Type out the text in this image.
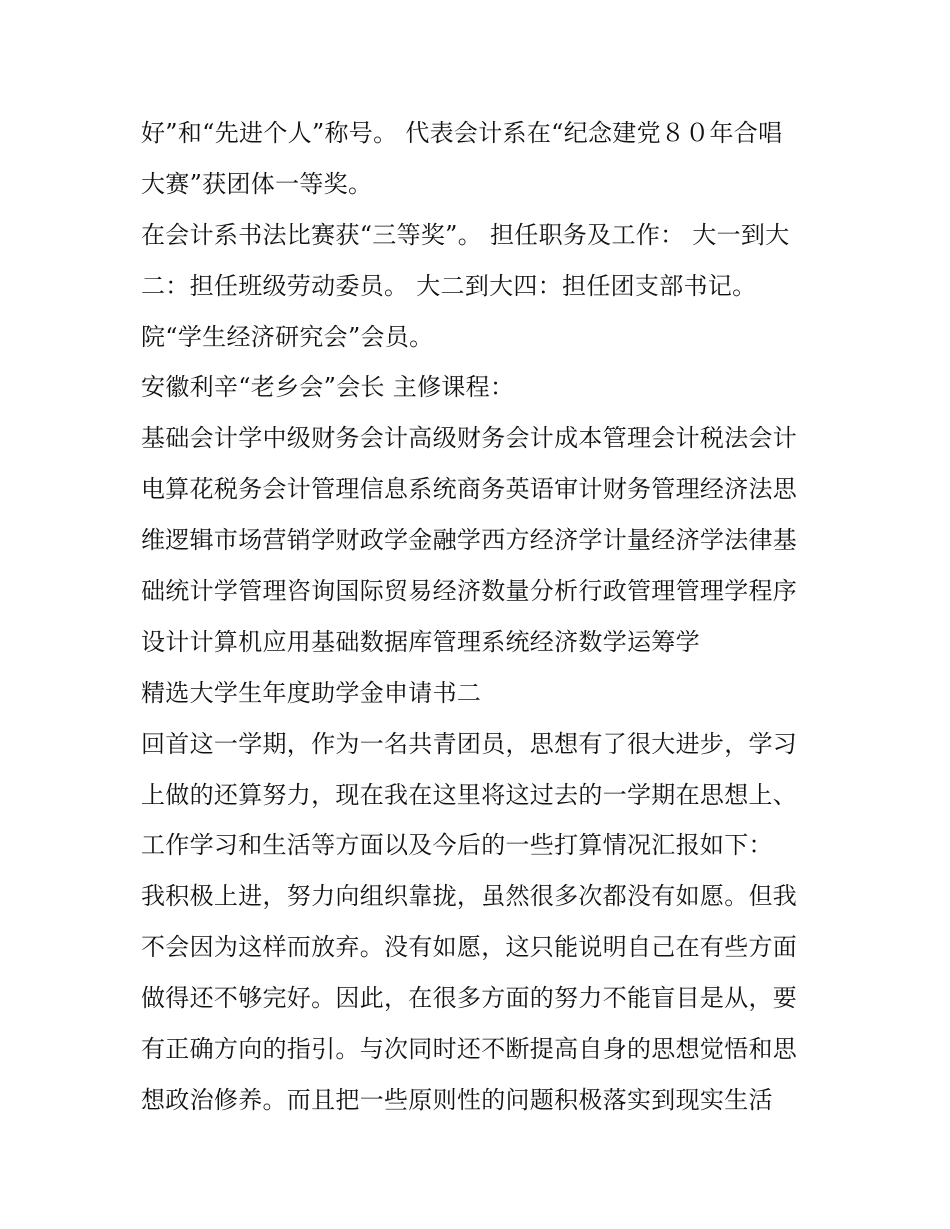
好”和“先进个人”称号。 代表会计系在“纪念建党８０年合唱
大赛”获团体一等奖。
在会计系书法比赛获“三等奖”。 担任职务及工作： 大一到大
二：担任班级劳动委员。 大二到大四：担任团支部书记。
院“学生经济研究会”会员。
安徽利辛“老乡会”会长 主修课程：
基础会计学中级财务会计高级财务会计成本管理会计税法会计
电算花税务会计管理信息系统商务英语审计财务管理经济法思
维逻辑市场营销学财政学金融学西方经济学计量经济学法律基
础统计学管理咨询国际贸易经济数量分析行政管理管理学程序
设计计算机应用基础数据库管理系统经济数学运筹学
精选大学生年度助学金申请书二
回首这一学期，作为一名共青团员，思想有了很大进步，学习
上做的还算努力，现在我在这里将这过去的一学期在思想上、
工作学习和生活等方面以及今后的一些打算情况汇报如下：
我积极上进，努力向组织靠拢，虽然很多次都没有如愿。但我
不会因为这样而放弃。没有如愿，这只能说明自己在有些方面
做得还不够完好。因此，在很多方面的努力不能盲目是从，要
有正确方向的指引。与次同时还不断提高自身的思想觉悟和思
想政治修养。而且把一些原则性的问题积极落实到现实生活
